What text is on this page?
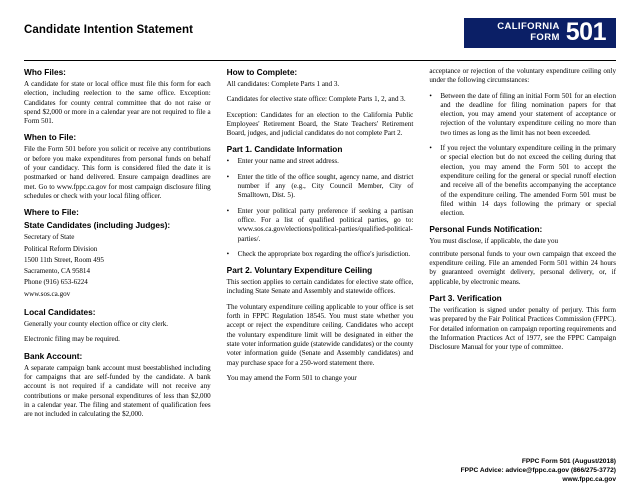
Candidate Intention Statement	CALIFORNIA
FORM 501
Who Files:

A candidate for state or local office must file this form for each election, including reelection to the same office. Exception: Candidates for county central committee that do not raise or spend $2,000 or more in a calendar year are not required to file a Form 501.

When to File:

File the Form 501 before you solicit or receive any contributions or before you make expenditures from personal funds on behalf of your candidacy. This form is considered filed the date it is postmarked or hand delivered. Ensure campaign deadlines are met. Go to www.fppc.ca.gov for most campaign disclosure filing schedules or check with your local filing officer.

Where to File:
State Candidates (including Judges):

Secretary of State

Political Reform Division

1500 11th Street, Room 495

Sacramento, CA 95814

Phone (916) 653-6224

www.sos.ca.gov

Local Candidates:

Generally your county election office or city clerk.

Electronic filing may be required.

Bank Account:

A separate campaign bank account must beestablished including for campaigns that are self-funded by the candidate. A bank account is not required if a candidate will not receive any contributions or make personal expenditures of less than $2,000 in a calendar year. The filing and statement of qualification fees are not included in calculating the $2,000.

How to Complete:

All candidates: Complete Parts 1 and 3.

Candidates for elective state office: Complete Parts 1, 2, and 3.

Exception: Candidates for an election to the California Public Employees' Retirement Board, the State Teachers' Retirement Board, judges, and judicial candidates do not complete Part 2.

Part 1. Candidate Information
•	Enter your name and street address.
•	Enter the title of the office sought, agency name, and district number if any (e.g., City Council Member, City of Smalltown, Dist. 5).
•	Enter your political party preference if seeking a partisan office. For a list of qualified political parties, go to: www.sos.ca.gov/elections/political-parties/qualified-political-parties/.
•	Check the appropriate box regarding the office's jurisdiction.
Part 2. Voluntary Expenditure Ceiling

This section applies to certain candidates for elective state office, including State Senate and Assembly and statewide offices.

The voluntary expenditure ceiling applicable to your office is set forth in FPPC Regulation 18545. You must state whether you accept or reject the expenditure ceiling. Candidates who accept the voluntary expenditure limit will be designated in either the state voter information guide (statewide candidates) or the county voter information guide (Senate and Assembly candidates) and may purchase space for a 250-word statement there.

You may amend the Form 501 to change your

acceptance or rejection of the voluntary expenditure ceiling only under the following circumstances:

•	Between the date of filing an initial Form 501 for an election and the deadline for filing nomination papers for that election, you may amend your statement of acceptance or rejection of the voluntary expenditure ceiling no more than two times as long as the limit has not been exceeded.
•	If you reject the voluntary expenditure ceiling in the primary or special election but do not exceed the ceiling during that election, you may amend the Form 501 to accept the expenditure ceiling for the general or special runoff election and receive all of the benefits accompanying the acceptance of the expenditure ceiling. The amended Form 501 must be filed within 14 days following the primary or special election.
Personal Funds Notification:

You must disclose, if applicable, the date you

contribute personal funds to your own campaign that exceed the expenditure ceiling. File an amended Form 501 within 24 hours by guaranteed overnight delivery, personal delivery, or, if applicable, by electronic means.

Part 3. Verification

The verification is signed under penalty of perjury. This form was prepared by the Fair Political Practices Commission (FPPC). For detailed information on campaign reporting requirements and the Information Practices Act of 1977, see the FPPC Campaign Disclosure Manual for your type of committee.

FPPC Form 501 (August/2018)
FPPC Advice: advice@fppc.ca.gov (866/275-3772)
www.fppc.ca.gov
